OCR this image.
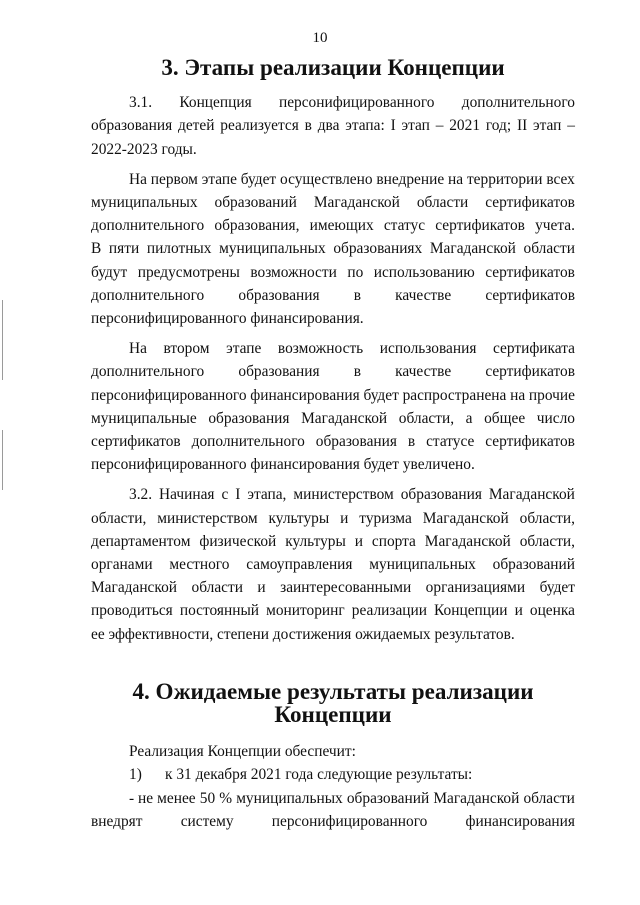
10
3. Этапы реализации Концепции
3.1. Концепция персонифицированного дополнительного
образования детей реализуется в два этапа: I этап – 2021 год; II этап –
2022-2023 годы.
На первом этапе будет осуществлено внедрение на территории всех
муниципальных образований Магаданской области сертификатов
дополнительного образования, имеющих статус сертификатов учета.
В пяти пилотных муниципальных образованиях Магаданской области
будут предусмотрены возможности по использованию сертификатов
дополнительного образования в качестве сертификатов
персонифицированного финансирования.
На втором этапе возможность использования сертификата
дополнительного образования в качестве сертификатов
персонифицированного финансирования будет распространена на прочие
муниципальные образования Магаданской области, а общее число
сертификатов дополнительного образования в статусе сертификатов
персонифицированного финансирования будет увеличено.
3.2. Начиная с I этапа, министерством образования Магаданской
области, министерством культуры и туризма Магаданской области,
департаментом физической культуры и спорта Магаданской области,
органами местного самоуправления муниципальных образований
Магаданской области и заинтересованными организациями будет
проводиться постоянный мониторинг реализации Концепции и оценка
ее эффективности, степени достижения ожидаемых результатов.
4. Ожидаемые результаты реализации Концепции
Реализация Концепции обеспечит:
1)	к 31 декабря 2021 года следующие результаты:
- не менее 50 % муниципальных образований Магаданской области
внедрят систему персонифицированного финансирования
